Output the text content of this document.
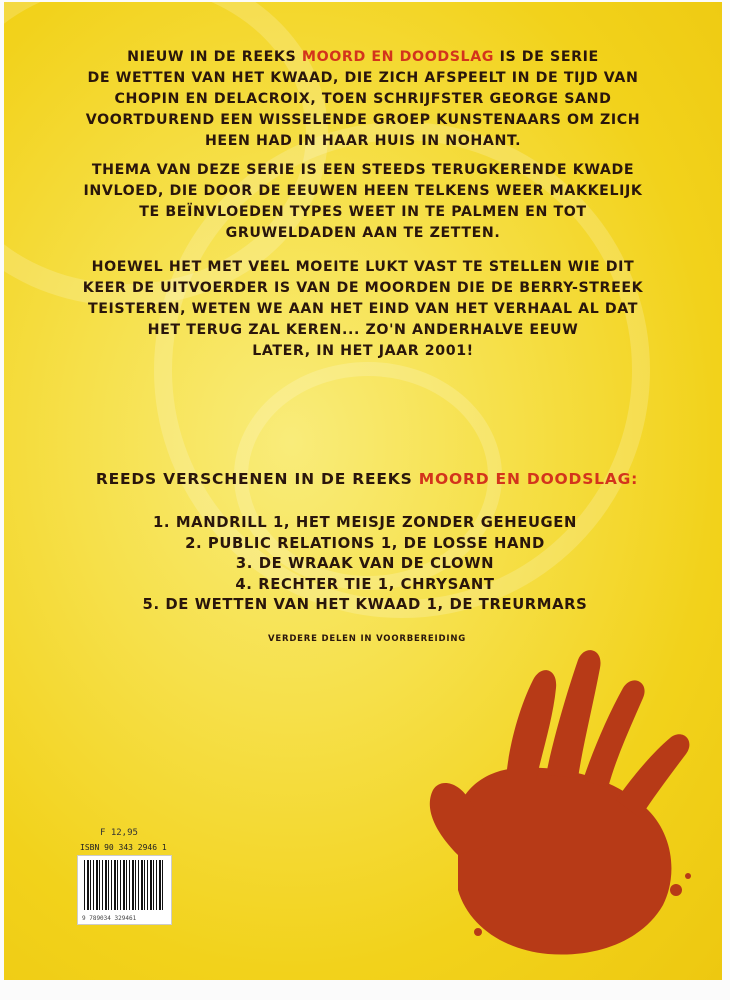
NIEUW IN DE REEKS MOORD EN DOODSLAG IS DE SERIE
DE WETTEN VAN HET KWAAD, DIE ZICH AFSPEELT IN DE TIJD VAN
CHOPIN EN DELACROIX, TOEN SCHRIJFSTER GEORGE SAND
VOORTDUREND EEN WISSELENDE GROEP KUNSTENAARS OM ZICH
HEEN HAD IN HAAR HUIS IN NOHANT.

THEMA VAN DEZE SERIE IS EEN STEEDS TERUGKERENDE KWADE
INVLOED, DIE DOOR DE EEUWEN HEEN TELKENS WEER MAKKELIJK
TE BEÏNVLOEDEN TYPES WEET IN TE PALMEN EN TOT
GRUWELDADEN AAN TE ZETTEN.

HOEWEL HET MET VEEL MOEITE LUKT VAST TE STELLEN WIE DIT
KEER DE UITVOERDER IS VAN DE MOORDEN DIE DE BERRY-STREEK
TEISTEREN, WETEN WE AAN HET EIND VAN HET VERHAAL AL DAT
HET TERUG ZAL KEREN... ZO'N ANDERHALVE EEUW
LATER, IN HET JAAR 2001!

REEDS VERSCHENEN IN DE REEKS MOORD EN DOODSLAG:
1. MANDRILL 1, HET MEISJE ZONDER GEHEUGEN
2. PUBLIC RELATIONS 1, DE LOSSE HAND
3. DE WRAAK VAN DE CLOWN
4. RECHTER TIE 1, CHRYSANT
5. DE WETTEN VAN HET KWAAD 1, DE TREURMARS
VERDERE DELEN IN VOORBEREIDING
F 12,95
ISBN 90 343 2946 1
9 789034 329461
